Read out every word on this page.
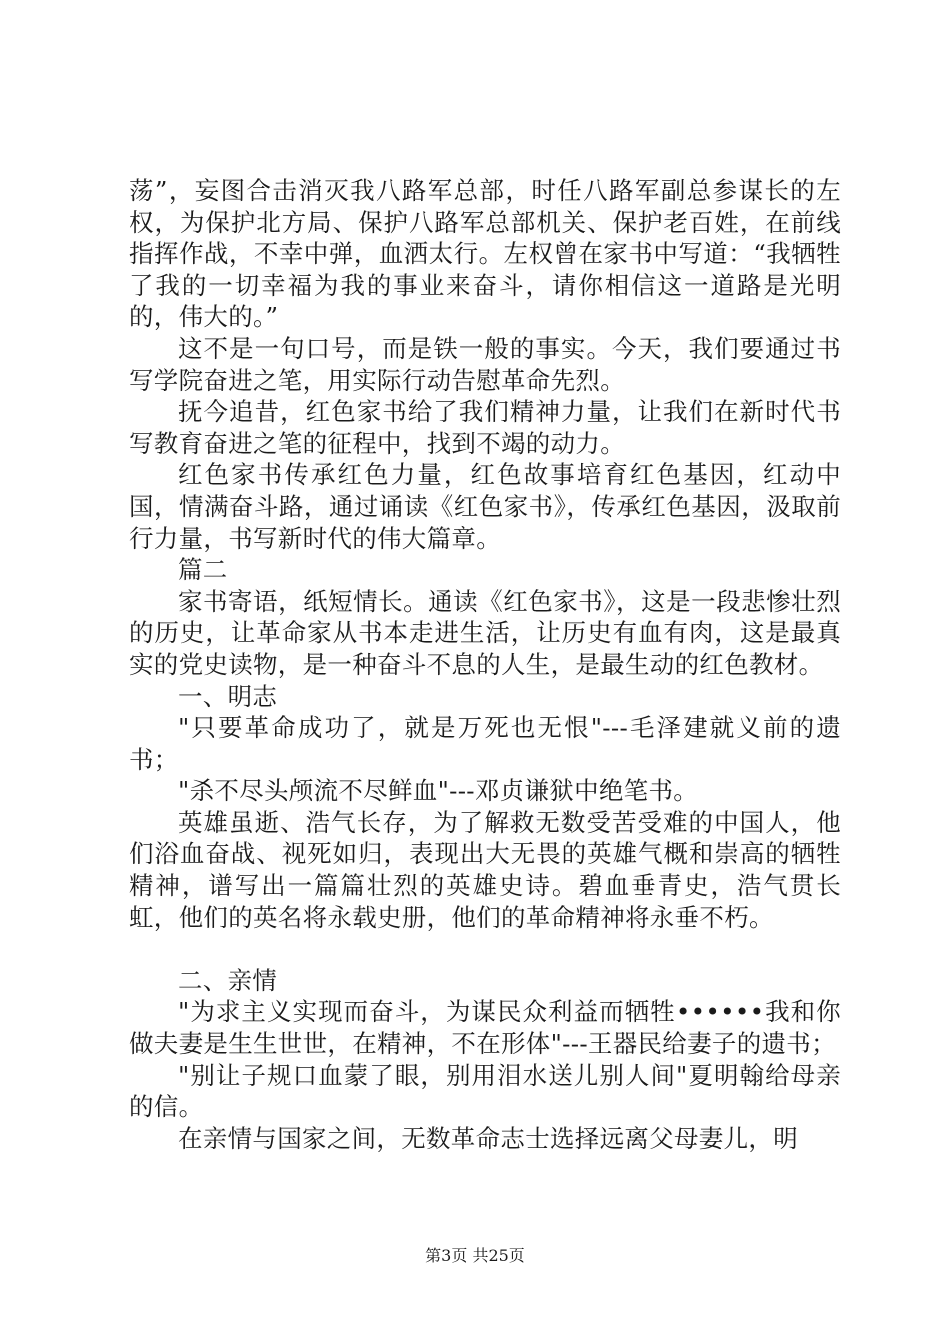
荡”，妄图合击消灭我八路军总部，时任八路军副总参谋长的左权，为保护北方局、保护八路军总部机关、保护老百姓，在前线指挥作战，不幸中弹，血洒太行。左权曾在家书中写道：“我牺牲了我的一切幸福为我的事业来奋斗，请你相信这一道路是光明的，伟大的。”

这不是一句口号，而是铁一般的事实。今天，我们要通过书写学院奋进之笔，用实际行动告慰革命先烈。

抚今追昔，红色家书给了我们精神力量，让我们在新时代书写教育奋进之笔的征程中，找到不竭的动力。

红色家书传承红色力量，红色故事培育红色基因，红动中国，情满奋斗路，通过诵读《红色家书》，传承红色基因，汲取前行力量，书写新时代的伟大篇章。

篇二

家书寄语，纸短情长。通读《红色家书》，这是一段悲惨壮烈的历史，让革命家从书本走进生活，让历史有血有肉，这是最真实的党史读物，是一种奋斗不息的人生，是最生动的红色教材。

一、明志

"只要革命成功了，就是万死也无恨"---毛泽建就义前的遗书；

"杀不尽头颅流不尽鲜血"---邓贞谦狱中绝笔书。

英雄虽逝、浩气长存，为了解救无数受苦受难的中国人，他们浴血奋战、视死如归，表现出大无畏的英雄气概和崇高的牺牲精神，谱写出一篇篇壮烈的英雄史诗。碧血垂青史，浩气贯长虹，他们的英名将永载史册，他们的革命精神将永垂不朽。

二、亲情

"为求主义实现而奋斗，为谋民众利益而牺牲••••••我和你做夫妻是生生世世，在精神，不在形体"---王器民给妻子的遗书；

"别让子规口血蒙了眼，别用泪水送儿别人间"夏明翰给母亲的信。

在亲情与国家之间，无数革命志士选择远离父母妻儿，明

第3页 共25页
